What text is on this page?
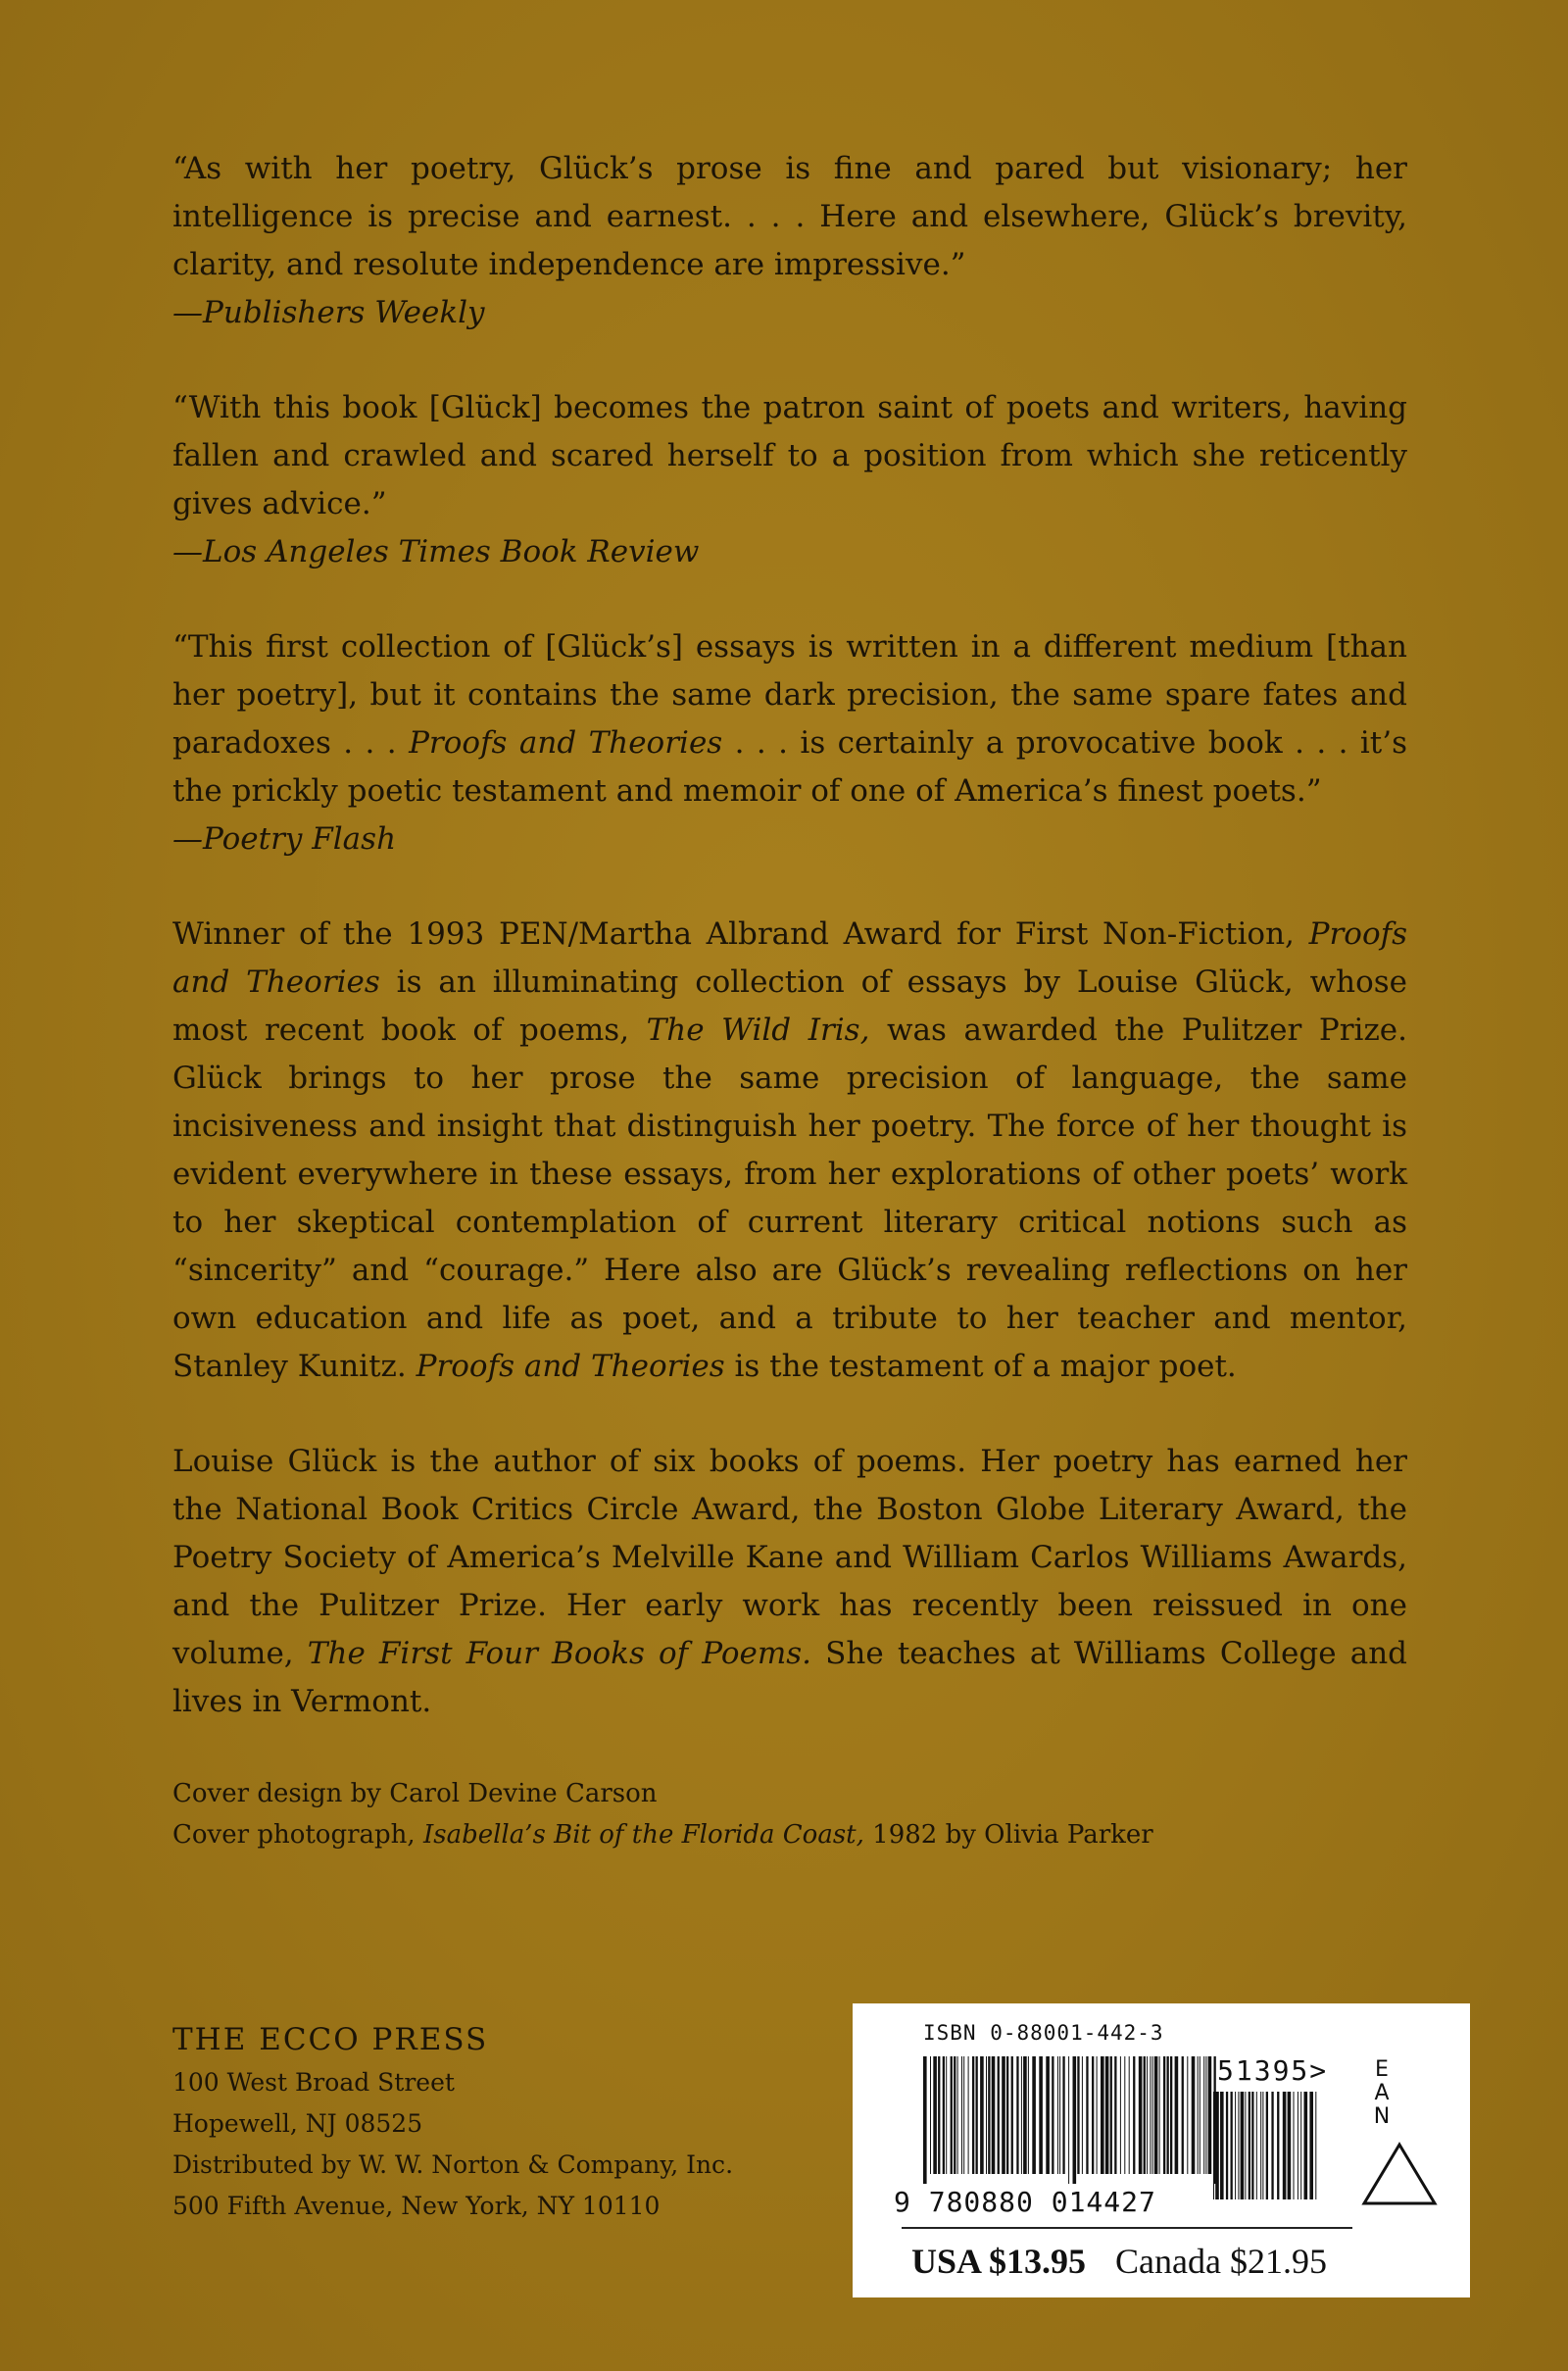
“As with her poetry, Glück’s prose is fine and pared but visionary; her intelligence is precise and earnest. . . . Here and elsewhere, Glück’s brevity, clarity, and resolute independence are impressive.”

—Publishers Weekly

“With this book [Glück] becomes the patron saint of poets and writers, having fallen and crawled and scared herself to a position from which she reticently gives advice.”

—Los Angeles Times Book Review

“This first collection of [Glück’s] essays is written in a different medium [than her poetry], but it contains the same dark precision, the same spare fates and paradoxes . . . Proofs and Theories . . . is certainly a provocative book . . . it’s the prickly poetic testament and memoir of one of America’s finest poets.”

—Poetry Flash

Winner of the 1993 PEN/Martha Albrand Award for First Non-Fiction, Proofs and Theories is an illuminating collection of essays by Louise Glück, whose most recent book of poems, The Wild Iris, was awarded the Pulitzer Prize. Glück brings to her prose the same precision of language, the same incisiveness and insight that distinguish her poetry. The force of her thought is evident everywhere in these essays, from her explorations of other poets’ work to her skeptical contemplation of current literary critical notions such as “sincerity” and “courage.” Here also are Glück’s revealing reflections on her own education and life as poet, and a tribute to her teacher and mentor, Stanley Kunitz. Proofs and Theories is the testament of a major poet.

Louise Glück is the author of six books of poems. Her poetry has earned her the National Book Critics Circle Award, the Boston Globe Literary Award, the Poetry Society of America’s Melville Kane and William Carlos Williams Awards, and the Pulitzer Prize. Her early work has recently been reissued in one volume, The First Four Books of Poems. She teaches at Williams College and lives in Vermont.

Cover design by Carol Devine Carson

Cover photograph, Isabella’s Bit of the Florida Coast, 1982 by Olivia Parker

THE ECCO PRESS

100 West Broad Street

Hopewell, NJ 08525

Distributed by W. W. Norton & Company, Inc.

500 Fifth Avenue, New York, NY 10110

ISBN 0-88001-442-3
9 780880 014427
51395>	E
A
N
USA $13.95 Canada $21.95
